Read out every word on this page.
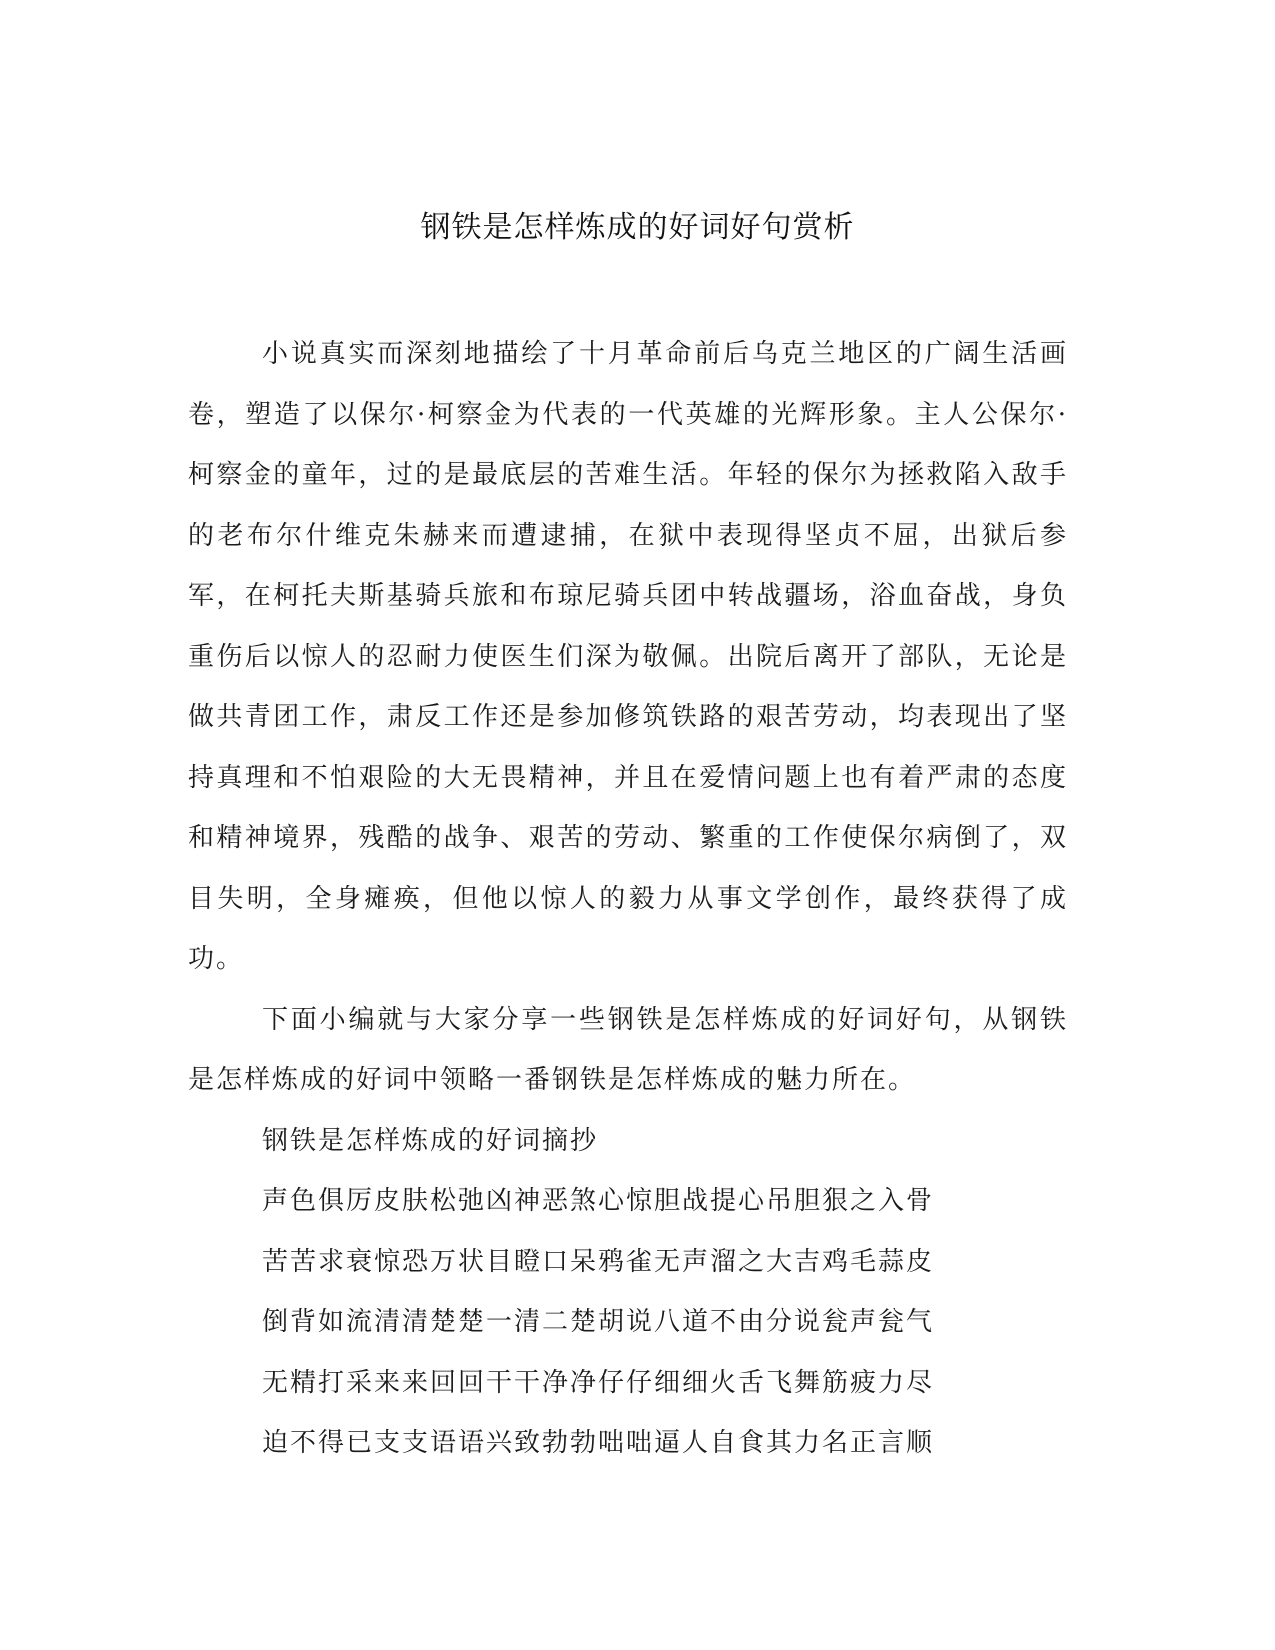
钢铁是怎样炼成的好词好句赏析

小说真实而深刻地描绘了十月革命前后乌克兰地区的广阔生活画卷，塑造了以保尔·柯察金为代表的一代英雄的光辉形象。主人公保尔·柯察金的童年，过的是最底层的苦难生活。年轻的保尔为拯救陷入敌手的老布尔什维克朱赫来而遭逮捕，在狱中表现得坚贞不屈，出狱后参军，在柯托夫斯基骑兵旅和布琼尼骑兵团中转战疆场，浴血奋战，身负重伤后以惊人的忍耐力使医生们深为敬佩。出院后离开了部队，无论是做共青团工作，肃反工作还是参加修筑铁路的艰苦劳动，均表现出了坚持真理和不怕艰险的大无畏精神，并且在爱情问题上也有着严肃的态度和精神境界，残酷的战争、艰苦的劳动、繁重的工作使保尔病倒了，双目失明，全身瘫痪，但他以惊人的毅力从事文学创作，最终获得了成功。

下面小编就与大家分享一些钢铁是怎样炼成的好词好句，从钢铁是怎样炼成的好词中领略一番钢铁是怎样炼成的魅力所在。

钢铁是怎样炼成的好词摘抄

声色俱厉皮肤松弛凶神恶煞心惊胆战提心吊胆狠之入骨

苦苦求衰惊恐万状目瞪口呆鸦雀无声溜之大吉鸡毛蒜皮

倒背如流清清楚楚一清二楚胡说八道不由分说瓮声瓮气

无精打采来来回回干干净净仔仔细细火舌飞舞筋疲力尽

迫不得已支支语语兴致勃勃咄咄逼人自食其力名正言顺
